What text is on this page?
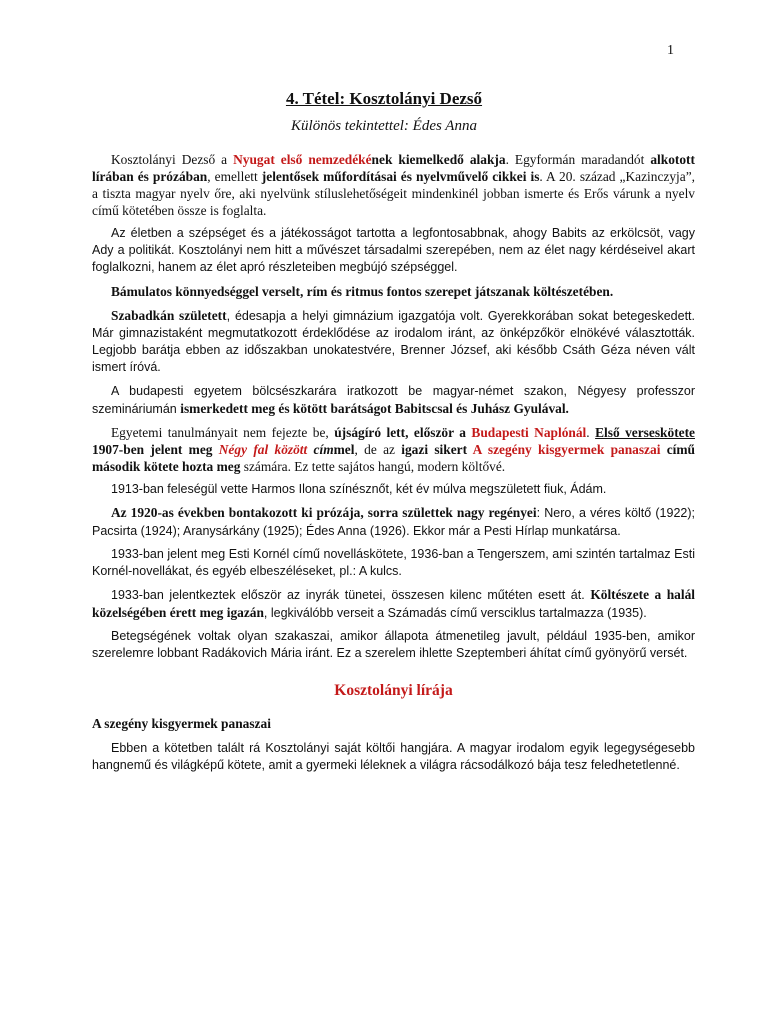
1
4. Tétel: Kosztolányi Dezső
Különös tekintettel: Édes Anna

Kosztolányi Dezső a Nyugat első nemzedékének kiemelkedő alakja. Egyformán maradandót alkotott lírában és prózában, emellett jelentősek műfordításai és nyelvművelő cikkei is. A 20. század „Kazinczyja”, a tiszta magyar nyelv őre, aki nyelvünk stíluslehetőségeit mindenkinél jobban ismerte és Erős várunk a nyelv című kötetében össze is foglalta.

Az életben a szépséget és a játékosságot tartotta a legfontosabbnak, ahogy Babits az erkölcsöt, vagy Ady a politikát. Kosztolányi nem hitt a művészet társadalmi szerepében, nem az élet nagy kérdéseivel akart foglalkozni, hanem az élet apró részleteiben megbújó szépséggel.

Bámulatos könnyedséggel verselt, rím és ritmus fontos szerepet játszanak költészetében.

Szabadkán született, édesapja a helyi gimnázium igazgatója volt. Gyerekkorában sokat betegeskedett. Már gimnazistaként megmutatkozott érdeklődése az irodalom iránt, az önképzőkör elnökévé választották. Legjobb barátja ebben az időszakban unokatestvére, Brenner József, aki később Csáth Géza néven vált ismert íróvá.

A budapesti egyetem bölcsészkarára iratkozott be magyar-német szakon, Négyesy professzor szemináriumán ismerkedett meg és kötött barátságot Babitscsal és Juhász Gyulával.

Egyetemi tanulmányait nem fejezte be, újságíró lett, először a Budapesti Naplónál. Első verseskötete 1907-ben jelent meg Négy fal között címmel, de az igazi sikert A szegény kisgyermek panaszai című második kötete hozta meg számára. Ez tette sajátos hangú, modern költővé.

1913-ban feleségül vette Harmos Ilona színésznőt, két év múlva megszületett fiuk, Ádám.

Az 1920-as években bontakozott ki prózája, sorra születtek nagy regényei: Nero, a véres költő (1922); Pacsirta (1924); Aranysárkány (1925); Édes Anna (1926). Ekkor már a Pesti Hírlap munkatársa.

1933-ban jelent meg Esti Kornél című novelláskötete, 1936-ban a Tengerszem, ami szintén tartalmaz Esti Kornél-novellákat, és egyéb elbeszéléseket, pl.: A kulcs.

1933-ban jelentkeztek először az inyrák tünetei, összesen kilenc műtéten esett át. Költészete a halál közelségében érett meg igazán, legkiválóbb verseit a Számadás című versciklus tartalmazza (1935).

Betegségének voltak olyan szakaszai, amikor állapota átmenetileg javult, például 1935-ben, amikor szerelemre lobbant Radákovich Mária iránt. Ez a szerelem ihlette Szeptemberi áhítat című gyönyörű versét.

Kosztolányi lírája
A szegény kisgyermek panaszai

Ebben a kötetben talált rá Kosztolányi saját költői hangjára. A magyar irodalom egyik legegységesebb hangnemű és világképű kötete, amit a gyermeki léleknek a világra rácsodálkozó bája tesz feledhetetlenné.
